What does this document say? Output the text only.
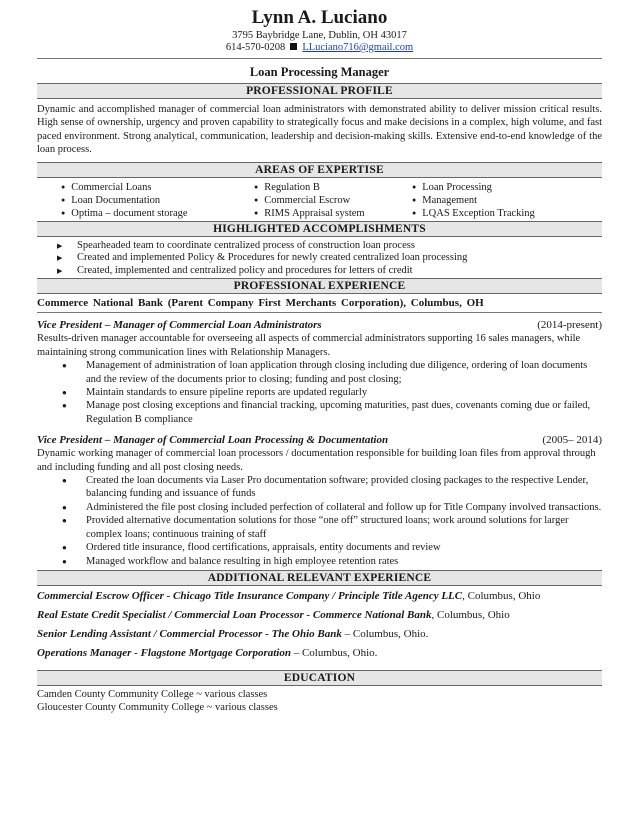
Lynn A. Luciano
3795 Baybridge Lane, Dublin, OH 43017
614-570-0208 LLuciano716@gmail.com
Loan Processing Manager
PROFESSIONAL PROFILE
Dynamic and accomplished manager of commercial loan administrators with demonstrated ability to deliver mission critical results. High sense of ownership, urgency and proven capability to strategically focus and make decisions in a complex, high volume, and fast paced environment. Strong analytical, communication, leadership and decision-making skills. Extensive end-to-end knowledge of the loan process.
AREAS OF EXPERTISE
● Commercial Loans
● Loan Documentation
● Optima – document storage
● Regulation B
● Commercial Escrow
● RIMS Appraisal system
● Loan Processing
● Management
● LQAS Exception Tracking
HIGHLIGHTED ACCOMPLISHMENTS
▶ Spearheaded team to coordinate centralized process of construction loan process
▶ Created and implemented Policy & Procedures for newly created centralized loan processing
▶ Created, implemented and centralized policy and procedures for letters of credit
PROFESSIONAL EXPERIENCE
Commerce National Bank (Parent Company First Merchants Corporation), Columbus, OH
Vice President – Manager of Commercial Loan Administrators	(2014-present)
Results-driven manager accountable for overseeing all aspects of commercial administrators supporting 16 sales managers, while maintaining strong communication lines with Relationship Managers.
● Management of administration of loan application through closing including due diligence, ordering of loan documents and the review of the documents prior to closing; funding and post closing;
● Maintain standards to ensure pipeline reports are updated regularly
● Manage post closing exceptions and financial tracking, upcoming maturities, past dues, covenants coming due or failed, Regulation B compliance
Vice President – Manager of Commercial Loan Processing & Documentation	(2005– 2014)
Dynamic working manager of commercial loan processors / documentation responsible for building loan files from approval through and including funding and all post closing needs.
● Created the loan documents via Laser Pro documentation software; provided closing packages to the respective Lender, balancing funding and issuance of funds
● Administered the file post closing included perfection of collateral and follow up for Title Company involved transactions.
● Provided alternative documentation solutions for those “one off” structured loans; work around solutions for larger complex loans; continuous training of staff
● Ordered title insurance, flood certifications, appraisals, entity documents and review
● Managed workflow and balance resulting in high employee retention rates
ADDITIONAL RELEVANT EXPERIENCE
Commercial Escrow Officer - Chicago Title Insurance Company / Principle Title Agency LLC, Columbus, Ohio
Real Estate Credit Specialist / Commercial Loan Processor - Commerce National Bank, Columbus, Ohio
Senior Lending Assistant / Commercial Processor - The Ohio Bank – Columbus, Ohio.
Operations Manager - Flagstone Mortgage Corporation – Columbus, Ohio.
EDUCATION
Camden County Community College ~ various classes
Gloucester County Community College ~ various classes
